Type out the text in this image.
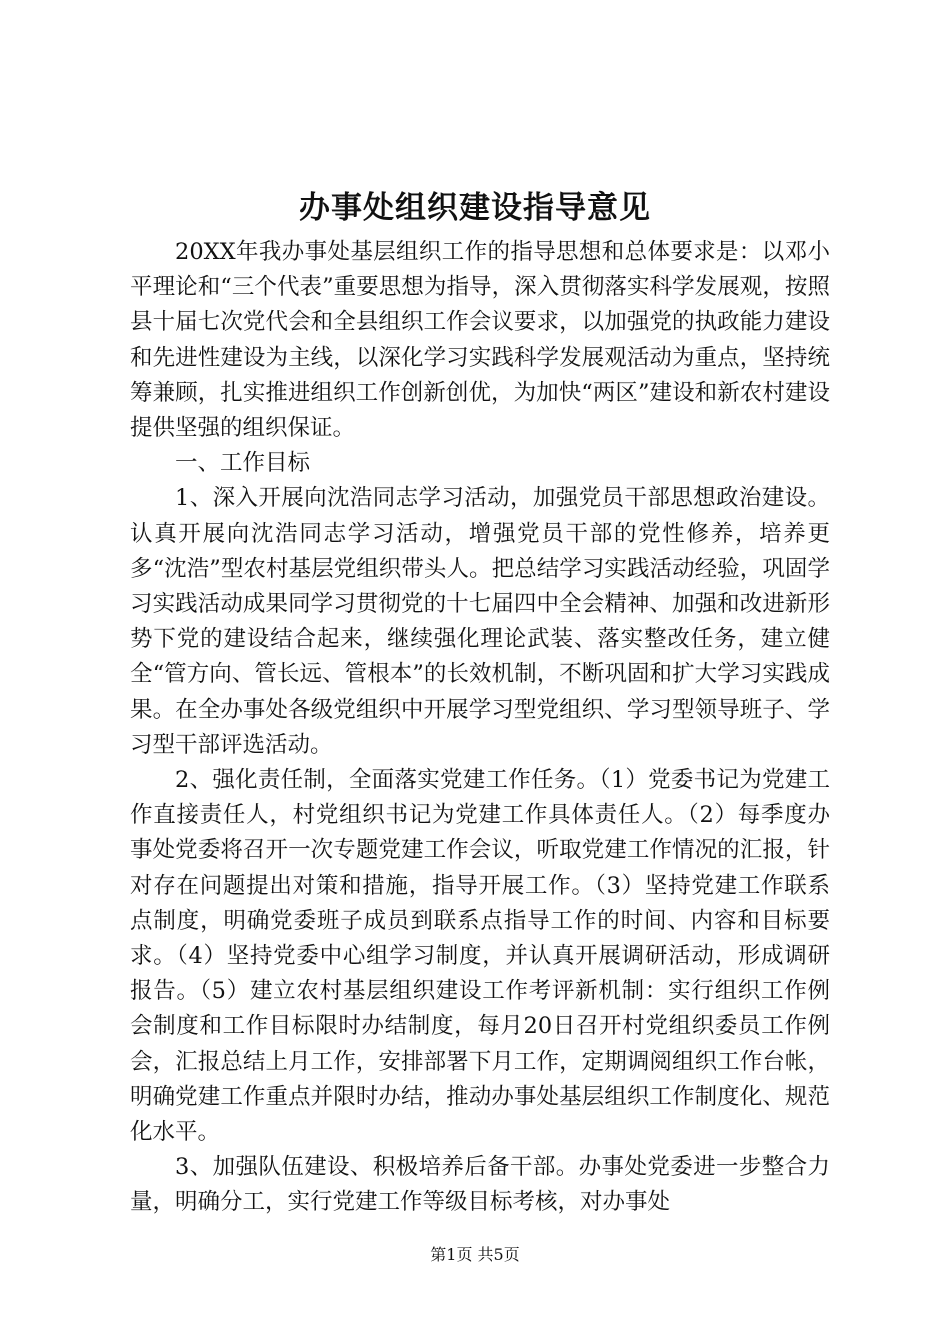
办事处组织建设指导意见

20XX年我办事处基层组织工作的指导思想和总体要求是：以邓小平理论和“三个代表”重要思想为指导，深入贯彻落实科学发展观，按照县十届七次党代会和全县组织工作会议要求，以加强党的执政能力建设和先进性建设为主线，以深化学习实践科学发展观活动为重点，坚持统筹兼顾，扎实推进组织工作创新创优，为加快“两区”建设和新农村建设提供坚强的组织保证。

一、工作目标

1、深入开展向沈浩同志学习活动，加强党员干部思想政治建设。认真开展向沈浩同志学习活动，增强党员干部的党性修养，培养更多“沈浩”型农村基层党组织带头人。把总结学习实践活动经验，巩固学习实践活动成果同学习贯彻党的十七届四中全会精神、加强和改进新形势下党的建设结合起来，继续强化理论武装、落实整改任务，建立健全“管方向、管长远、管根本”的长效机制，不断巩固和扩大学习实践成果。在全办事处各级党组织中开展学习型党组织、学习型领导班子、学习型干部评选活动。

2、强化责任制，全面落实党建工作任务。（1）党委书记为党建工作直接责任人，村党组织书记为党建工作具体责任人。（2）每季度办事处党委将召开一次专题党建工作会议，听取党建工作情况的汇报，针对存在问题提出对策和措施，指导开展工作。（3）坚持党建工作联系点制度，明确党委班子成员到联系点指导工作的时间、内容和目标要求。（4）坚持党委中心组学习制度，并认真开展调研活动，形成调研报告。（5）建立农村基层组织建设工作考评新机制：实行组织工作例会制度和工作目标限时办结制度，每月20日召开村党组织委员工作例会，汇报总结上月工作，安排部署下月工作，定期调阅组织工作台帐，明确党建工作重点并限时办结，推动办事处基层组织工作制度化、规范化水平。

3、加强队伍建设、积极培养后备干部。办事处党委进一步整合力量，明确分工，实行党建工作等级目标考核，对办事处

第1页 共5页
